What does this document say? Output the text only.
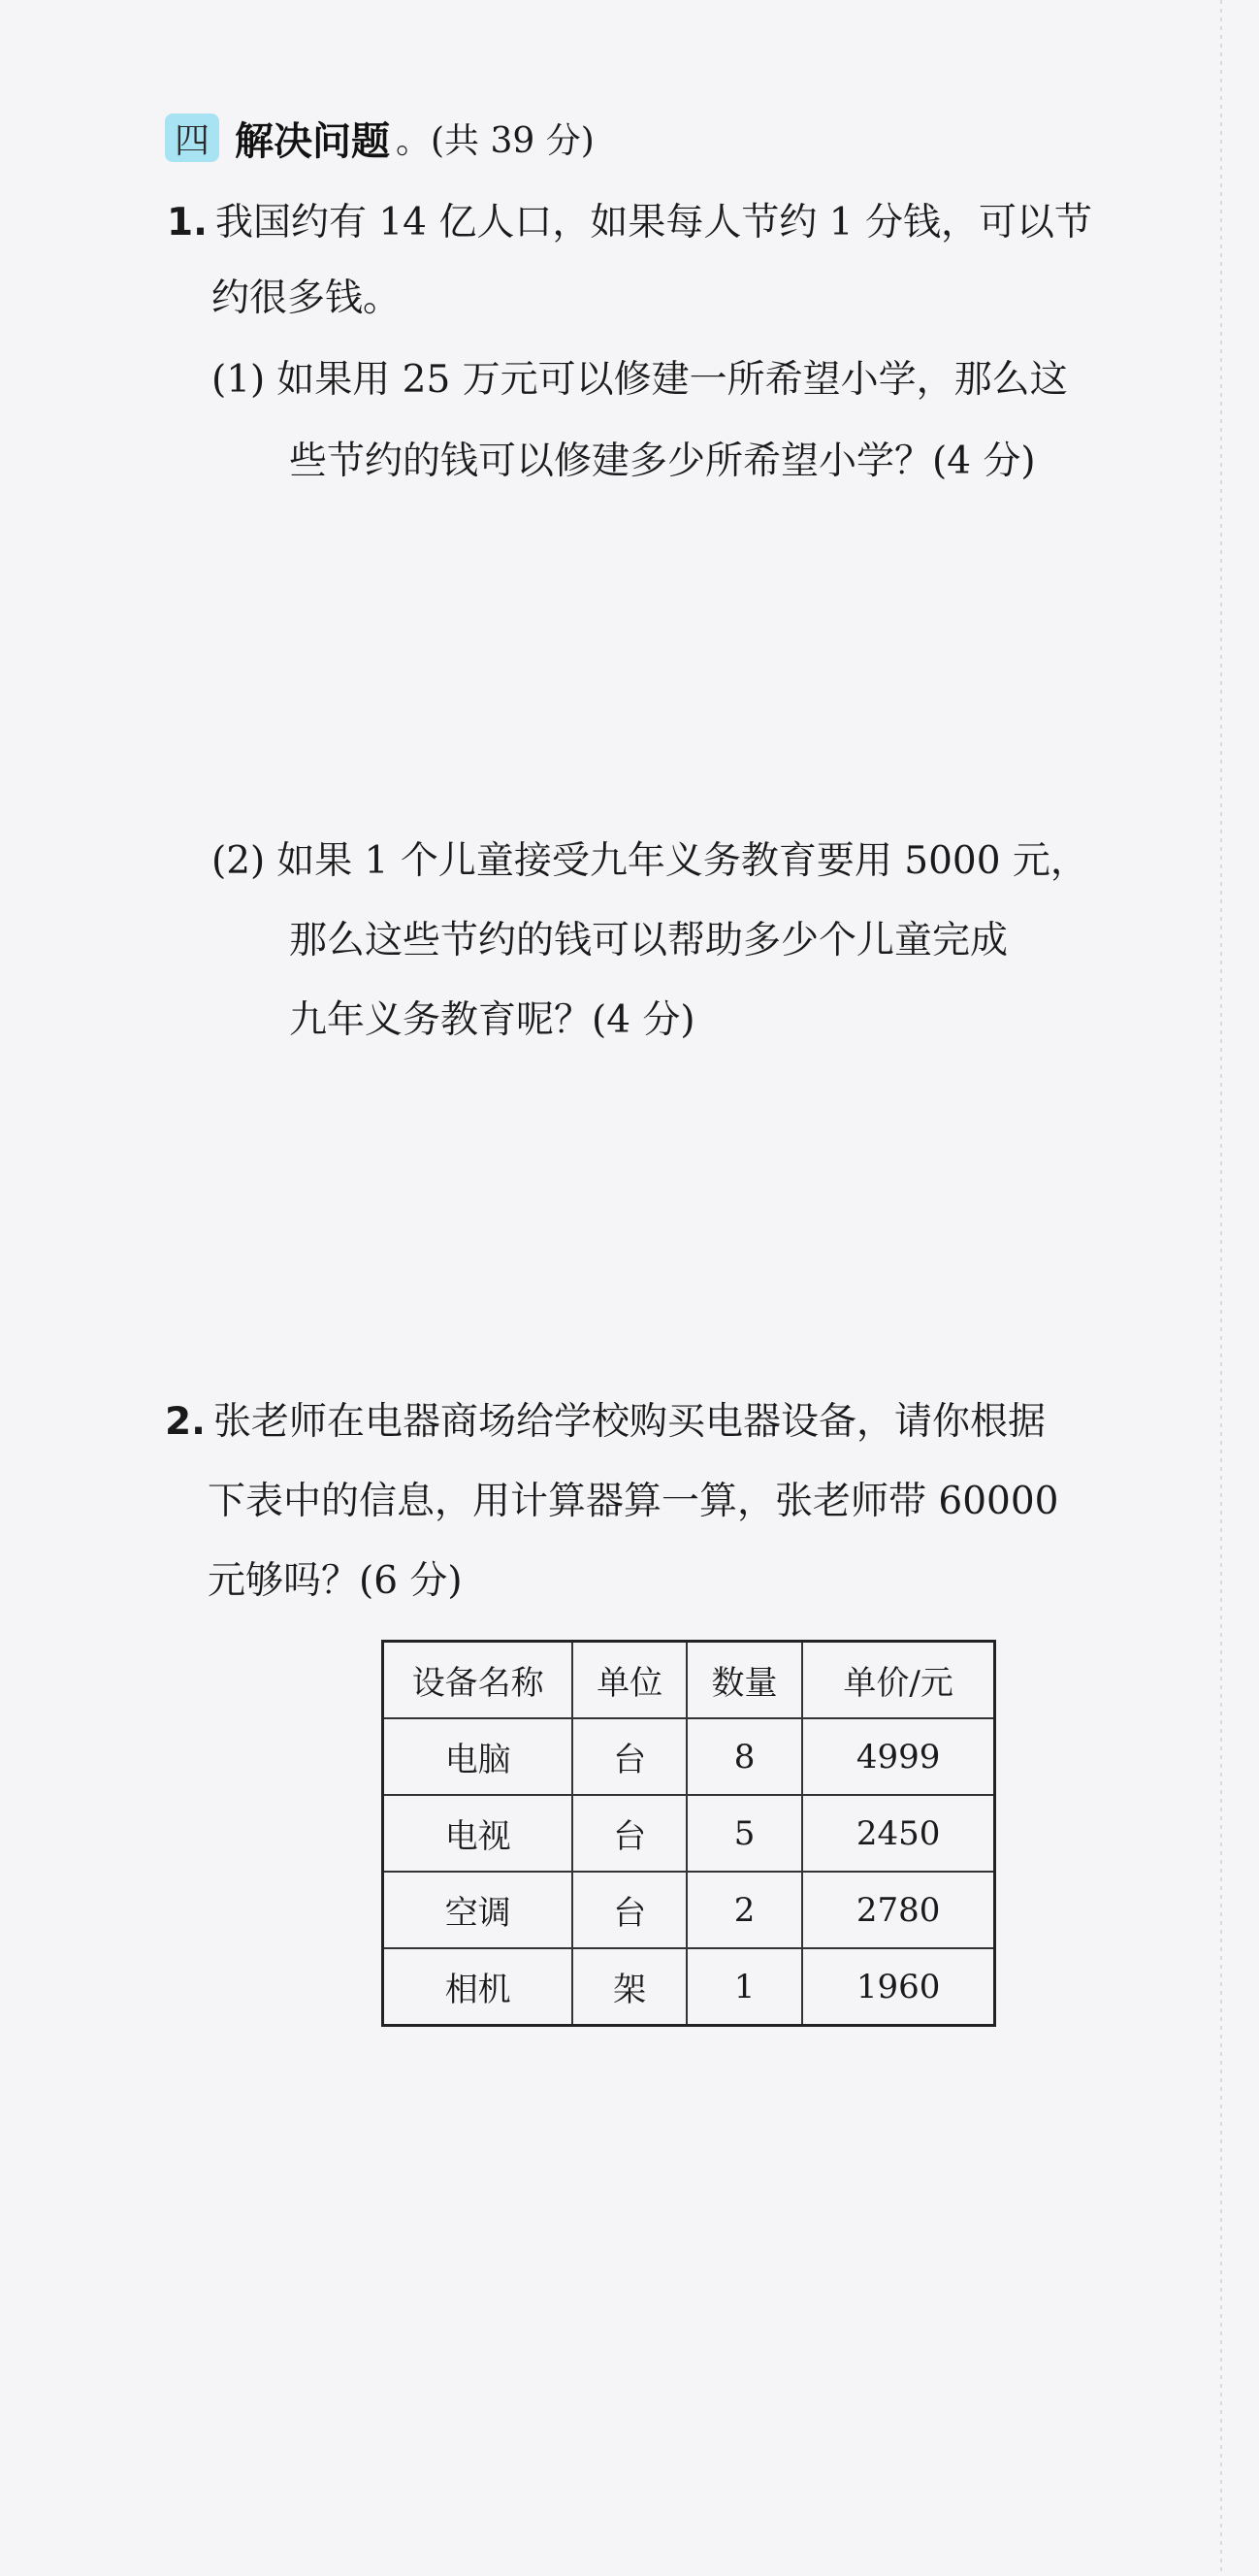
四 解决问题 。(共 39 分)
1. 我国约有 14 亿人口，如果每人节约 1 分钱，可以节
约很多钱。
(1) 如果用 25 万元可以修建一所希望小学，那么这
些节约的钱可以修建多少所希望小学？(4 分)
(2) 如果 1 个儿童接受九年义务教育要用 5000 元，
那么这些节约的钱可以帮助多少个儿童完成
九年义务教育呢？(4 分)
2. 张老师在电器商场给学校购买电器设备，请你根据
下表中的信息，用计算器算一算，张老师带 60000
元够吗？(6 分)
设备名称	单位	数量	单价/元
电脑	台	8	4999
电视	台	5	2450
空调	台	2	2780
相机	架	1	1960
